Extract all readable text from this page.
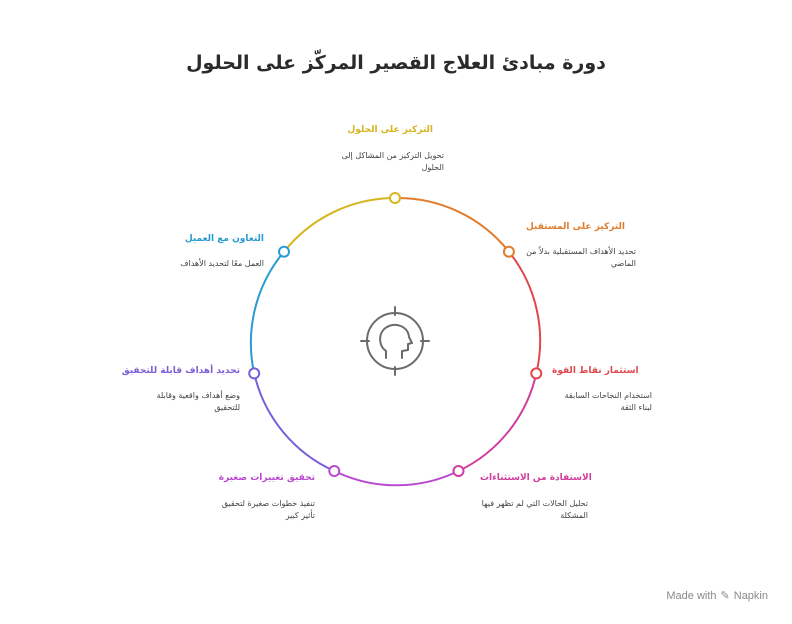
دورة مبادئ العلاج القصير المركّز على الحلول
التركيز على الحلول
تحويل التركيز من المشاكل إلى الحلول
التركيز على المستقبل
تحديد الأهداف المستقبلية بدلاً من الماضي
استثمار نقاط القوة
استخدام النجاحات السابقة لبناء الثقة
الاستفادة من الاستثناءات
تحليل الحالات التي لم تظهر فيها المشكلة
تحقيق تغييرات صغيرة
تنفيذ خطوات صغيرة لتحقيق تأثير كبير
تحديد أهداف قابلة للتحقيق
وضع أهداف واقعية وقابلة للتحقيق
التعاون مع العميل
العمل معًا لتحديد الأهداف
Made with ✎ Napkin
